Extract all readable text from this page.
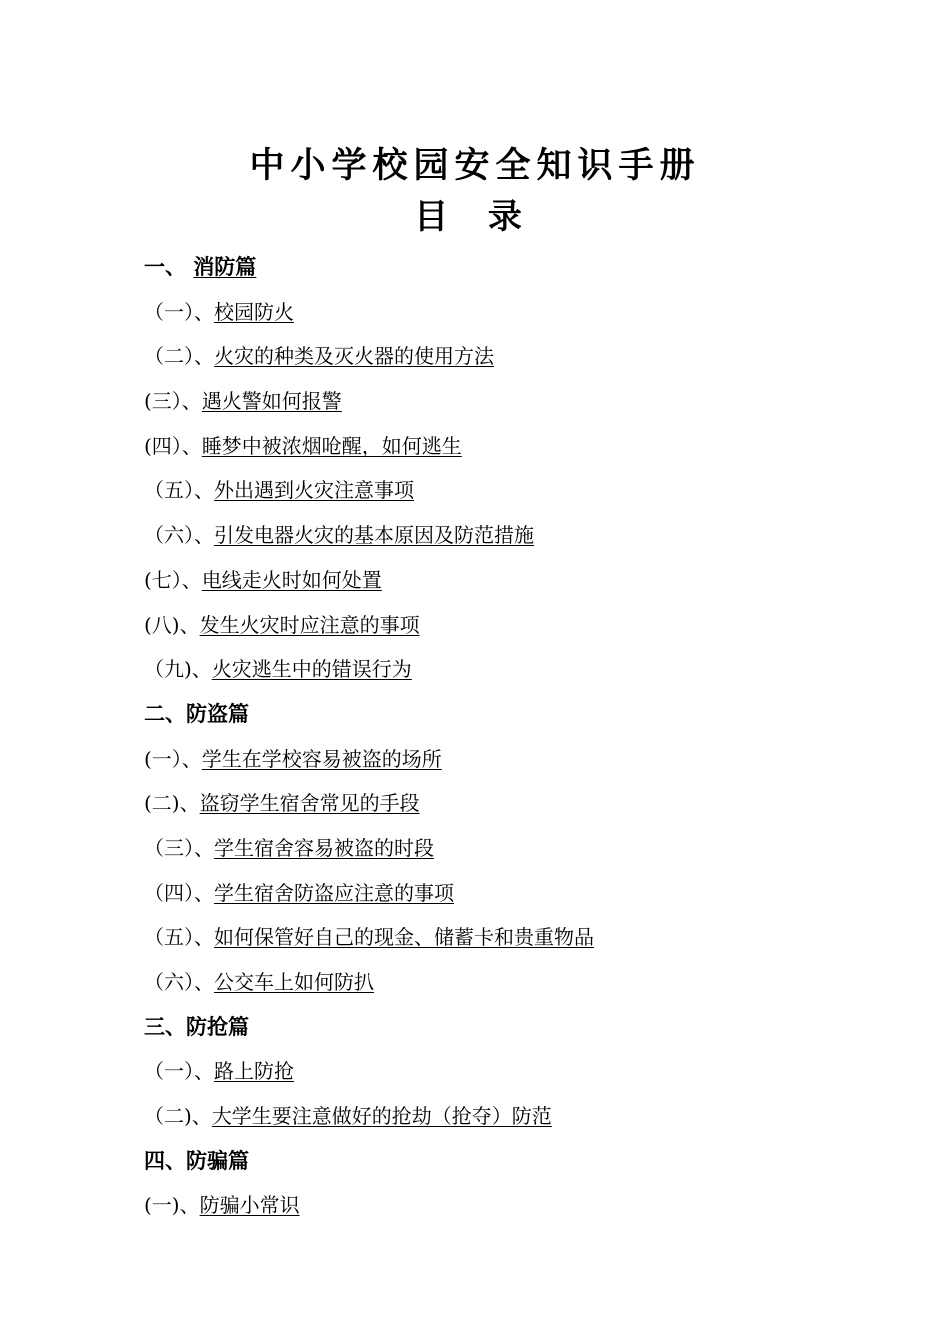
中小学校园安全知识手册
目 录
一、 消防篇
（一）、校园防火
（二）、火灾的种类及灭火器的使用方法
(三）、遇火警如何报警
(四）、睡梦中被浓烟呛醒，如何逃生
（五）、外出遇到火灾注意事项
（六）、引发电器火灾的基本原因及防范措施
(七）、电线走火时如何处置
(八)、发生火灾时应注意的事项
（九)、火灾逃生中的错误行为
二、防盗篇
(一）、学生在学校容易被盗的场所
(二)、盗窃学生宿舍常见的手段
（三）、学生宿舍容易被盗的时段
（四）、学生宿舍防盗应注意的事项
（五）、如何保管好自己的现金、储蓄卡和贵重物品
（六）、公交车上如何防扒
三、防抢篇
（一）、路上防抢
（二)、大学生要注意做好的抢劫（抢夺）防范
四、防骗篇
(一)、防骗小常识
